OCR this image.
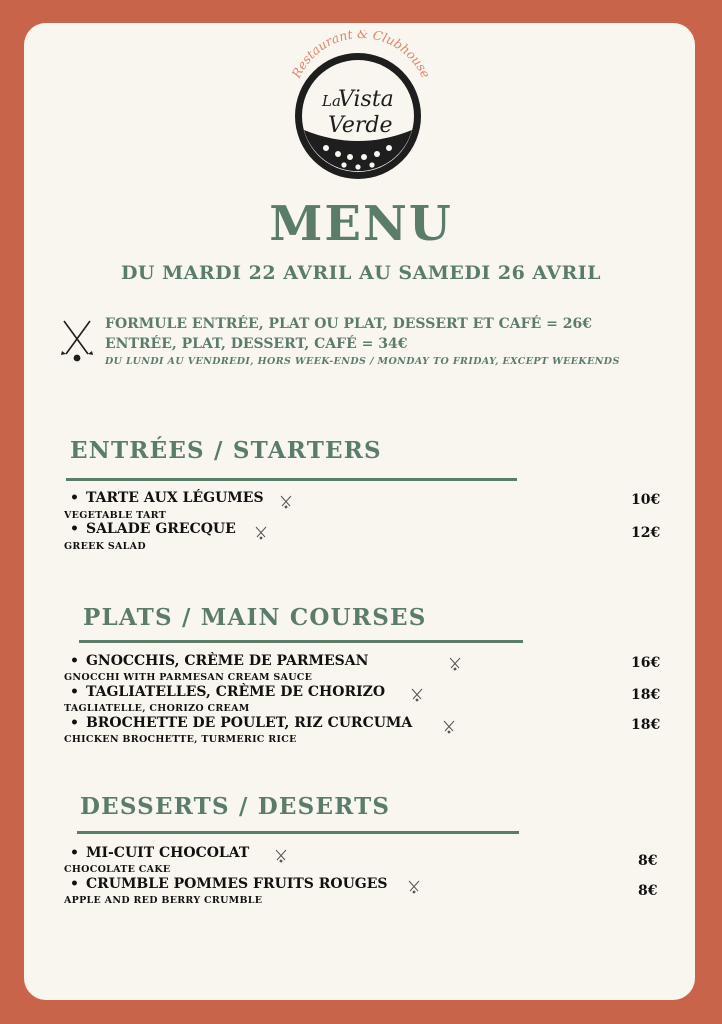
Restaurant & Clubhouse
La
Vista
Verde
MENU
DU MARDI 22 AVRIL AU SAMEDI 26 AVRIL
FORMULE ENTRÉE, PLAT OU PLAT, DESSERT ET CAFÉ = 26€
ENTRÉE, PLAT, DESSERT, CAFÉ = 34€
DU LUNDI AU VENDREDI, HORS WEEK-ENDS / MONDAY TO FRIDAY, EXCEPT WEEKENDS
ENTRÉES / STARTERS
• TARTE AUX LÉGUMES
VEGETABLE TART
10€
• SALADE GRECQUE
GREEK SALAD
12€
PLATS / MAIN COURSES
• GNOCCHIS, CRÈME DE PARMESAN
GNOCCHI WITH PARMESAN CREAM SAUCE
16€
• TAGLIATELLES, CRÈME DE CHORIZO
TAGLIATELLE, CHORIZO CREAM
18€
• BROCHETTE DE POULET, RIZ CURCUMA
CHICKEN BROCHETTE, TURMERIC RICE
18€
DESSERTS / DESERTS
• MI-CUIT CHOCOLAT
CHOCOLATE CAKE
8€
• CRUMBLE POMMES FRUITS ROUGES
APPLE AND RED BERRY CRUMBLE
8€
